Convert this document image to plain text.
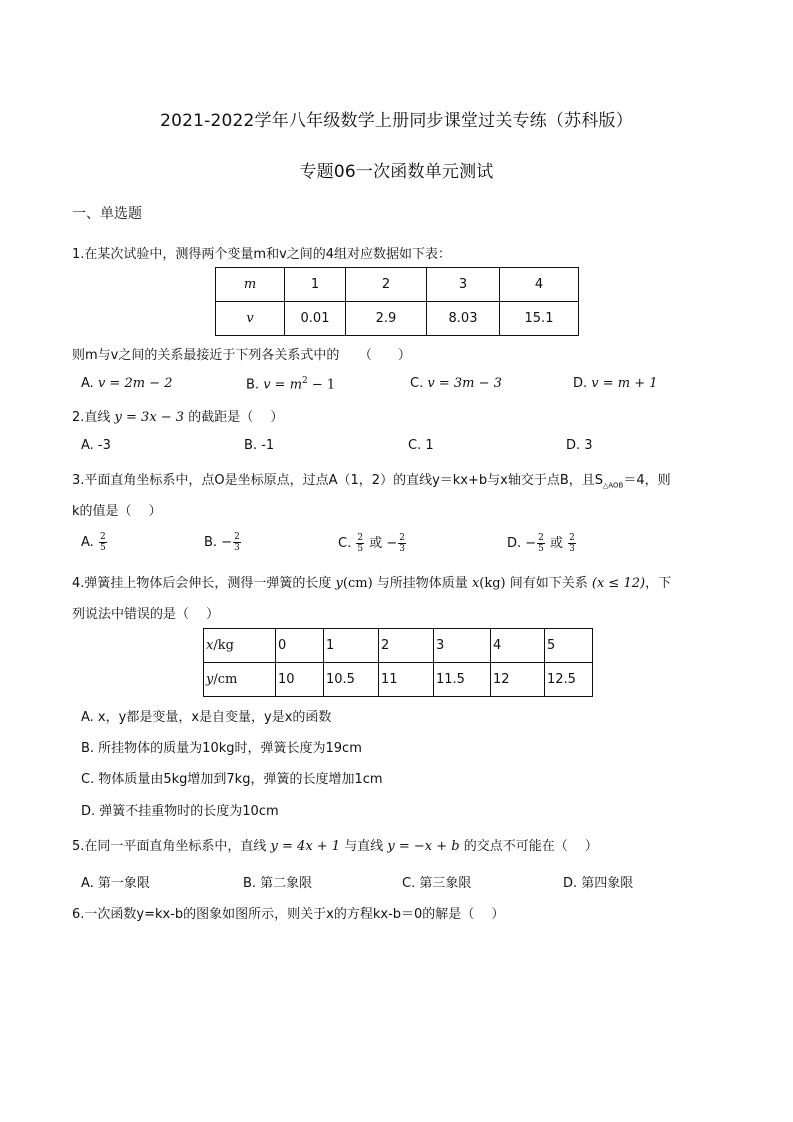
2021-2022学年八年级数学上册同步课堂过关专练（苏科版）
专题06一次函数单元测试
一、单选题
1.在某次试验中，测得两个变量m和v之间的4组对应数据如下表：
m	1	2	3	4
v	0.01	2.9	8.03	15.1
则m与v之间的关系最接近于下列各关系式中的　　（　　）
A. v = 2m − 2	B. $v = m^2 - 1$	C. v = 3m − 3	D. v = m + 1
2.直线 y = 3x − 3 的截距是（　 ）
A. -3	B. -1	C. 1	D. 3
3.平面直角坐标系中，点O是坐标原点，过点A（1，2）的直线y＝kx+b与x轴交于点B，且$S_{\triangle AOB}=4$，则
k的值是（　 ）
A. $\frac{2}{5}$	B. − $\frac{2}{3}$	C. $\frac{2}{5}$ 或 − $\frac{2}{3}$	D. − $\frac{2}{5}$ 或 $\frac{2}{3}$
4.弹簧挂上物体后会伸长，测得一弹簧的长度 y(cm) 与所挂物体质量 x(kg) 间有如下关系 (x ≤ 12)，下
列说法中错误的是（　 ）
x/kg	0	1	2	3	4	5
y/cm	10	10.5	11	11.5	12	12.5
A. x，y都是变量，x是自变量，y是x的函数
B. 所挂物体的质量为10kg时，弹簧长度为19cm
C. 物体质量由5kg增加到7kg，弹簧的长度增加1cm
D. 弹簧不挂重物时的长度为10cm
5.在同一平面直角坐标系中，直线 y = 4x + 1 与直线 y = −x + b 的交点不可能在（　 ）
A. 第一象限	B. 第二象限	C. 第三象限	D. 第四象限
6.一次函数y=kx-b的图象如图所示，则关于x的方程kx-b＝0的解是（　 ）
